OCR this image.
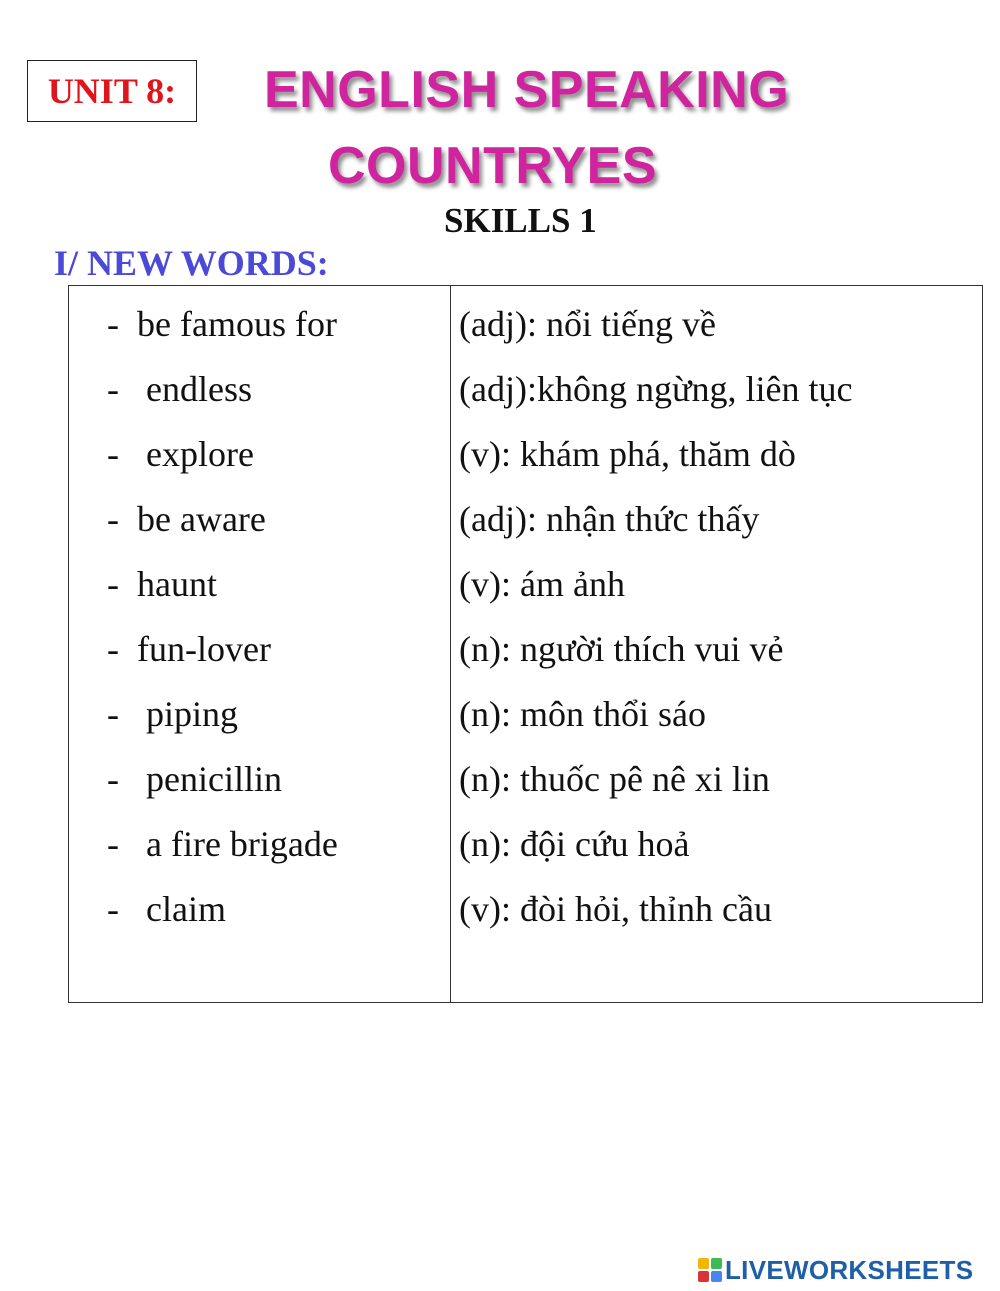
UNIT 8: ENGLISH SPEAKING
COUNTRYES
SKILLS 1
I/ NEW WORDS:
- be famous for	(adj): nổi tiếng về
- endless	(adj):không ngừng, liên tục
- explore	(v): khám phá, thăm dò
- be aware	(adj): nhận thức thấy
- haunt	(v): ám ảnh
- fun-lover	(n): người thích vui vẻ
- piping	(n): môn thổi sáo
- penicillin	(n): thuốc pê nê xi lin
- a fire brigade	(n): đội cứu hoả
- claim	(v): đòi hỏi, thỉnh cầu
LIVEWORKSHEETS
